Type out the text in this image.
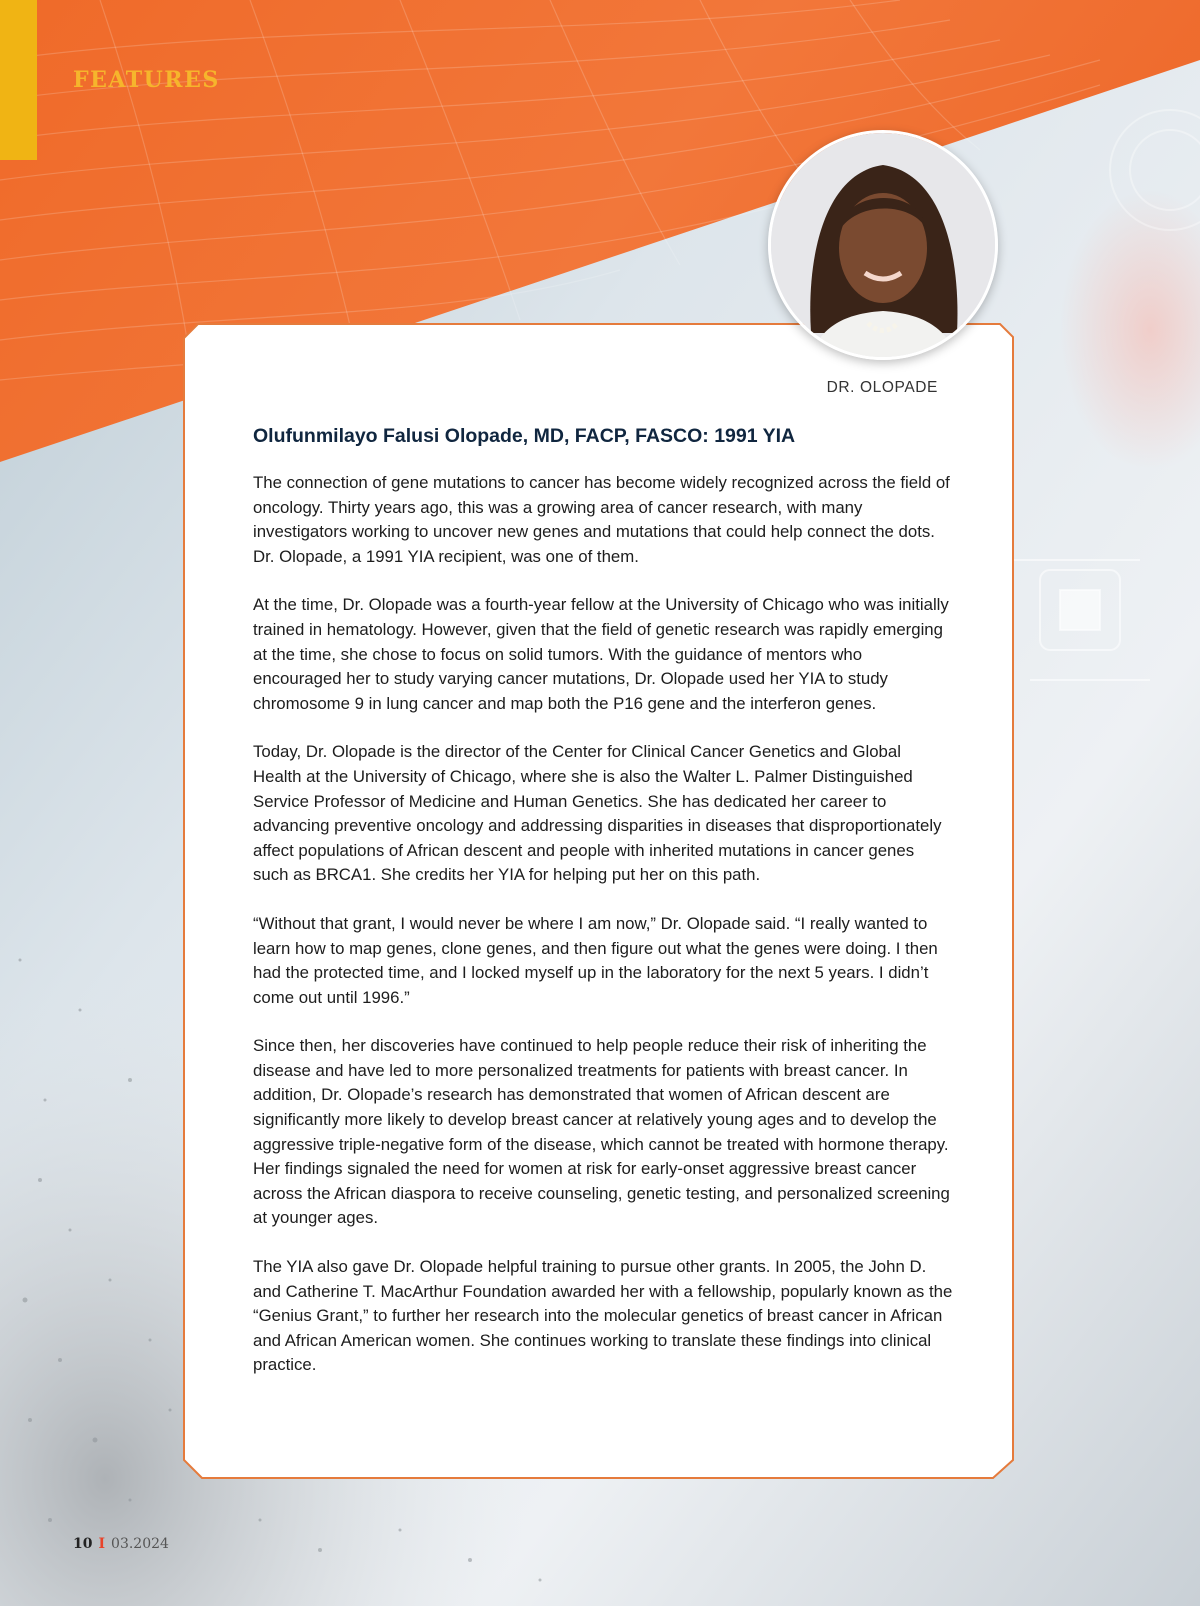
FEATURES
DR. OLOPADE
Olufunmilayo Falusi Olopade, MD, FACP, FASCO: 1991 YIA

The connection of gene mutations to cancer has become widely recognized across the field of oncology. Thirty years ago, this was a growing area of cancer research, with many investigators working to uncover new genes and mutations that could help connect the dots. Dr. Olopade, a 1991 YIA recipient, was one of them.

At the time, Dr. Olopade was a fourth-year fellow at the University of Chicago who was initially trained in hematology. However, given that the field of genetic research was rapidly emerging at the time, she chose to focus on solid tumors. With the guidance of mentors who encouraged her to study varying cancer mutations, Dr. Olopade used her YIA to study chromosome 9 in lung cancer and map both the P16 gene and the interferon genes.

Today, Dr. Olopade is the director of the Center for Clinical Cancer Genetics and Global Health at the University of Chicago, where she is also the Walter L. Palmer Distinguished Service Professor of Medicine and Human Genetics. She has dedicated her career to advancing preventive oncology and addressing disparities in diseases that disproportionately affect populations of African descent and people with inherited mutations in cancer genes such as BRCA1. She credits her YIA for helping put her on this path.

“Without that grant, I would never be where I am now,” Dr. Olopade said. “I really wanted to learn how to map genes, clone genes, and then figure out what the genes were doing. I then had the protected time, and I locked myself up in the laboratory for the next 5 years. I didn’t come out until 1996.”

Since then, her discoveries have continued to help people reduce their risk of inheriting the disease and have led to more personalized treatments for patients with breast cancer. In addition, Dr. Olopade’s research has demonstrated that women of African descent are significantly more likely to develop breast cancer at relatively young ages and to develop the aggressive triple-negative form of the disease, which cannot be treated with hormone therapy. Her findings signaled the need for women at risk for early-onset aggressive breast cancer across the African diaspora to receive counseling, genetic testing, and personalized screening at younger ages.

The YIA also gave Dr. Olopade helpful training to pursue other grants. In 2005, the John D. and Catherine T. MacArthur Foundation awarded her with a fellowship, popularly known as the “Genius Grant,” to further her research into the molecular genetics of breast cancer in African and African American women. She continues working to translate these findings into clinical practice.

10 I 03.2024
